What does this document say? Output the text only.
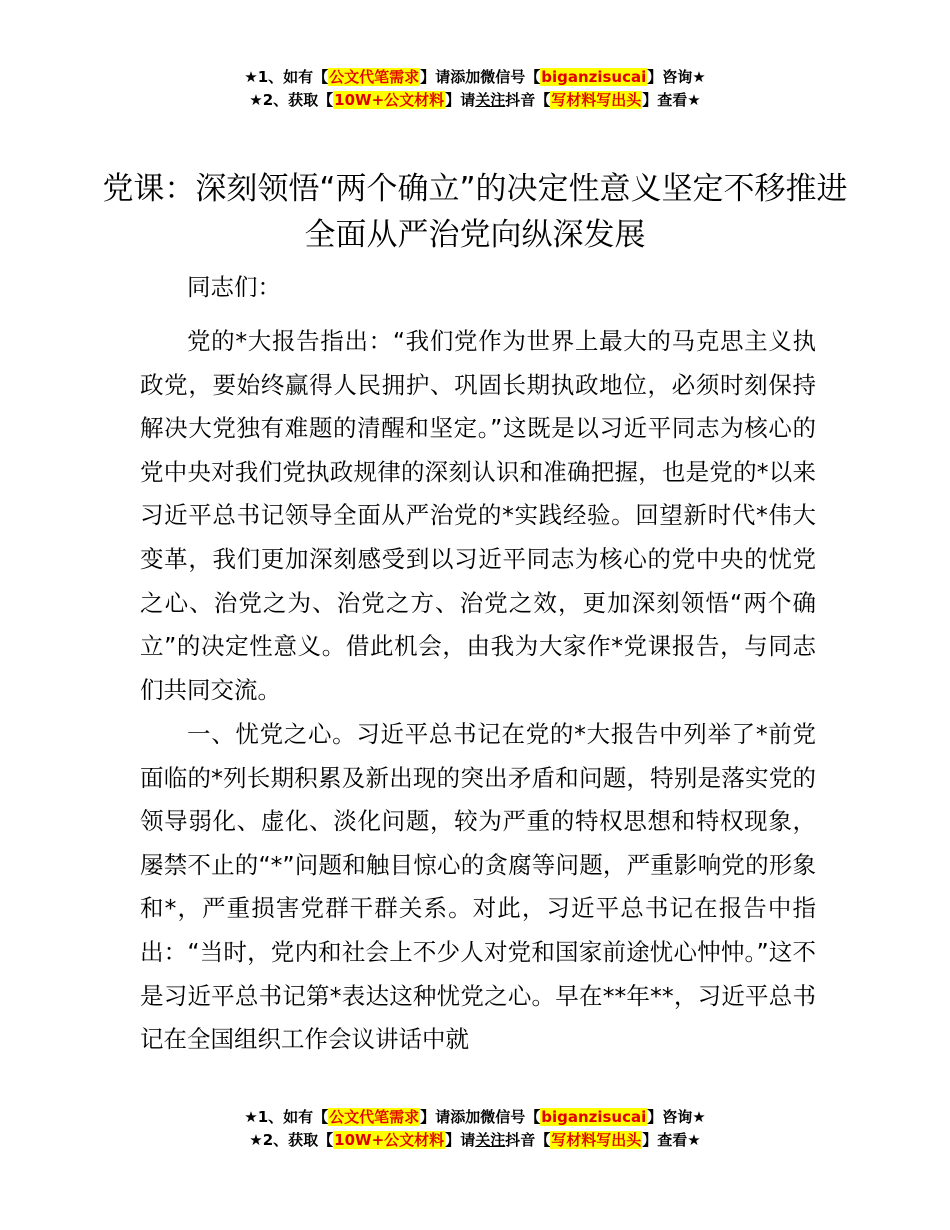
★1、如有【公文代笔需求】请添加微信号【biganzisucai】咨询★
★2、获取【10W+公文材料】请关注抖音【写材料写出头】查看★
党课：深刻领悟“两个确立”的决定性意义坚定不移推进全面从严治党向纵深发展

同志们：

党的*大报告指出：“我们党作为世界上最大的马克思主义执政党，要始终赢得人民拥护、巩固长期执政地位，必须时刻保持解决大党独有难题的清醒和坚定。”这既是以习近平同志为核心的党中央对我们党执政规律的深刻认识和准确把握，也是党的*以来习近平总书记领导全面从严治党的*实践经验。回望新时代*伟大变革，我们更加深刻感受到以习近平同志为核心的党中央的忧党之心、治党之为、治党之方、治党之效，更加深刻领悟“两个确立”的决定性意义。借此机会，由我为大家作*党课报告，与同志们共同交流。

一、忧党之心。习近平总书记在党的*大报告中列举了*前党面临的*列长期积累及新出现的突出矛盾和问题，特别是落实党的领导弱化、虚化、淡化问题，较为严重的特权思想和特权现象，屡禁不止的“*”问题和触目惊心的贪腐等问题，严重影响党的形象和*，严重损害党群干群关系。对此，习近平总书记在报告中指出：“当时，党内和社会上不少人对党和国家前途忧心忡忡。”这不是习近平总书记第*表达这种忧党之心。早在**年**，习近平总书记在全国组织工作会议讲话中就

★1、如有【公文代笔需求】请添加微信号【biganzisucai】咨询★
★2、获取【10W+公文材料】请关注抖音【写材料写出头】查看★
